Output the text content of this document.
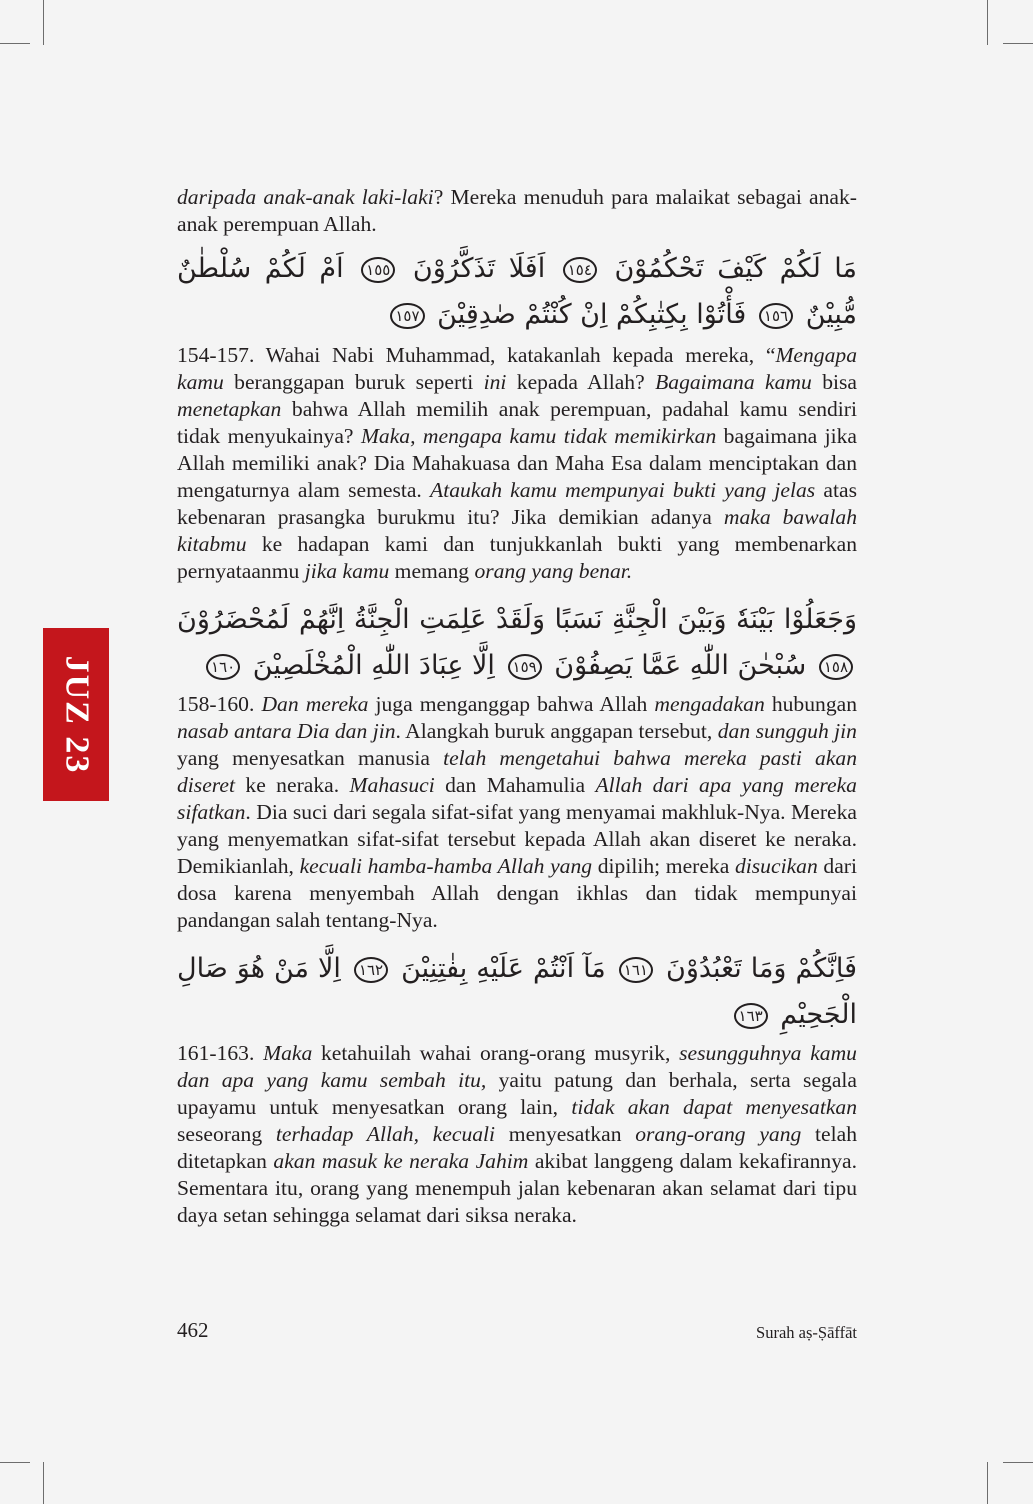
JUZ 23

daripada anak-anak laki-laki? Mereka menuduh para malaikat sebagai anak-anak perempuan Allah.

مَا لَكُمْ كَيْفَ تَحْكُمُوْنَ ١٥٤ اَفَلَا تَذَكَّرُوْنَ ١٥٥ اَمْ لَكُمْ سُلْطٰنٌ مُّبِيْنٌ ١٥٦ فَأْتُوْا بِكِتٰبِكُمْ اِنْ كُنْتُمْ صٰدِقِيْنَ ١٥٧

154-157. Wahai Nabi Muhammad, katakanlah kepada mereka, “Mengapa kamu beranggapan buruk seperti ini kepada Allah? Bagaimana kamu bisa menetapkan bahwa Allah memilih anak perempuan, padahal kamu sendiri tidak menyukainya? Maka, mengapa kamu tidak memikirkan bagaimana jika Allah memiliki anak? Dia Mahakuasa dan Maha Esa dalam menciptakan dan mengaturnya alam semesta. Ataukah kamu mempunyai bukti yang jelas atas kebenaran prasangka burukmu itu? Jika demikian adanya maka bawalah kitabmu ke hadapan kami dan tunjukkanlah bukti yang membenarkan pernyataanmu jika kamu memang orang yang benar.

وَجَعَلُوْا بَيْنَهٗ وَبَيْنَ الْجِنَّةِ نَسَبًا وَلَقَدْ عَلِمَتِ الْجِنَّةُ اِنَّهُمْ لَمُحْضَرُوْنَ ١٥٨ سُبْحٰنَ اللّٰهِ عَمَّا يَصِفُوْنَ ١٥٩ اِلَّا عِبَادَ اللّٰهِ الْمُخْلَصِيْنَ ١٦٠

158-160. Dan mereka juga menganggap bahwa Allah mengadakan hubungan nasab antara Dia dan jin. Alangkah buruk anggapan tersebut, dan sungguh jin yang menyesatkan manusia telah mengetahui bahwa mereka pasti akan diseret ke neraka. Mahasuci dan Mahamulia Allah dari apa yang mereka sifatkan. Dia suci dari segala sifat-sifat yang menyamai makhluk-Nya. Mereka yang menyematkan sifat-sifat tersebut kepada Allah akan diseret ke neraka. Demikianlah, kecuali hamba-hamba Allah yang dipilih; mereka disucikan dari dosa karena menyembah Allah dengan ikhlas dan tidak mempunyai pandangan salah tentang-Nya.

فَاِنَّكُمْ وَمَا تَعْبُدُوْنَ ١٦١ مَآ اَنْتُمْ عَلَيْهِ بِفٰتِنِيْنَ ١٦٢ اِلَّا مَنْ هُوَ صَالِ الْجَحِيْمِ ١٦٣

161-163. Maka ketahuilah wahai orang-orang musyrik, sesungguhnya kamu dan apa yang kamu sembah itu, yaitu patung dan berhala, serta segala upayamu untuk menyesatkan orang lain, tidak akan dapat menyesatkan seseorang terhadap Allah, kecuali menyesatkan orang-orang yang telah ditetapkan akan masuk ke neraka Jahim akibat langgeng dalam kekafirannya. Sementara itu, orang yang menempuh jalan kebenaran akan selamat dari tipu daya setan sehingga selamat dari siksa neraka.

462	Surah aṣ-Ṣāffāt
